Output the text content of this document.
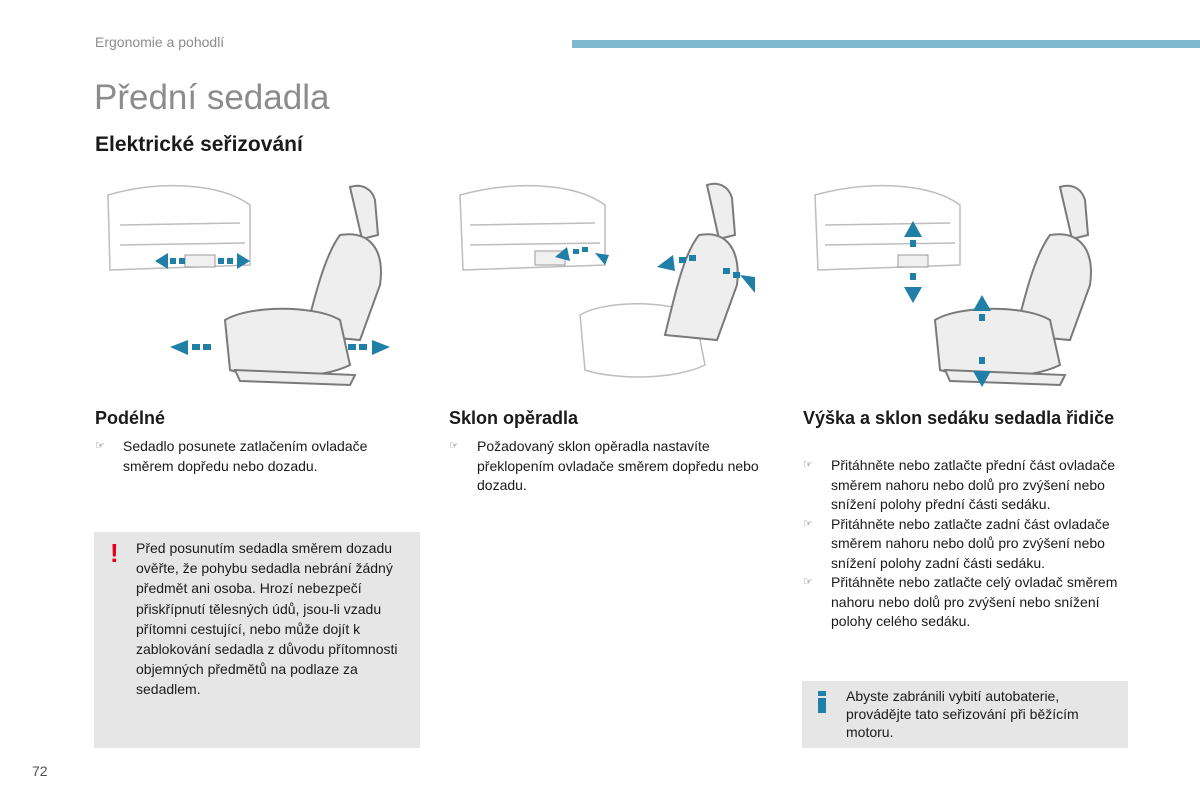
Ergonomie a pohodlí
Přední sedadla
Elektrické seřizování
Podélné
☞ Sedadlo posunete zatlačením ovladače směrem dopředu nebo dozadu.
Sklon opěradla
☞ Požadovaný sklon opěradla nastavíte překlopením ovladače směrem dopředu nebo dozadu.
Výška a sklon sedáku sedadla řidiče
☞ Přitáhněte nebo zatlačte přední část ovladače směrem nahoru nebo dolů pro zvýšení nebo snížení polohy přední části sedáku.
☞ Přitáhněte nebo zatlačte zadní část ovladače směrem nahoru nebo dolů pro zvýšení nebo snížení polohy zadní části sedáku.
☞ Přitáhněte nebo zatlačte celý ovladač směrem nahoru nebo dolů pro zvýšení nebo snížení polohy celého sedáku.
! Před posunutím sedadla směrem dozadu ověřte, že pohybu sedadla nebrání žádný předmět ani osoba. Hrozí nebezpečí přiskřípnutí tělesných údů, jsou-li vzadu přítomni cestující, nebo může dojít k zablokování sedadla z důvodu přítomnosti objemných předmětů na podlaze za sedadlem.	Abyste zabránili vybití autobaterie, provádějte tato seřizování při běžícím motoru.
72
